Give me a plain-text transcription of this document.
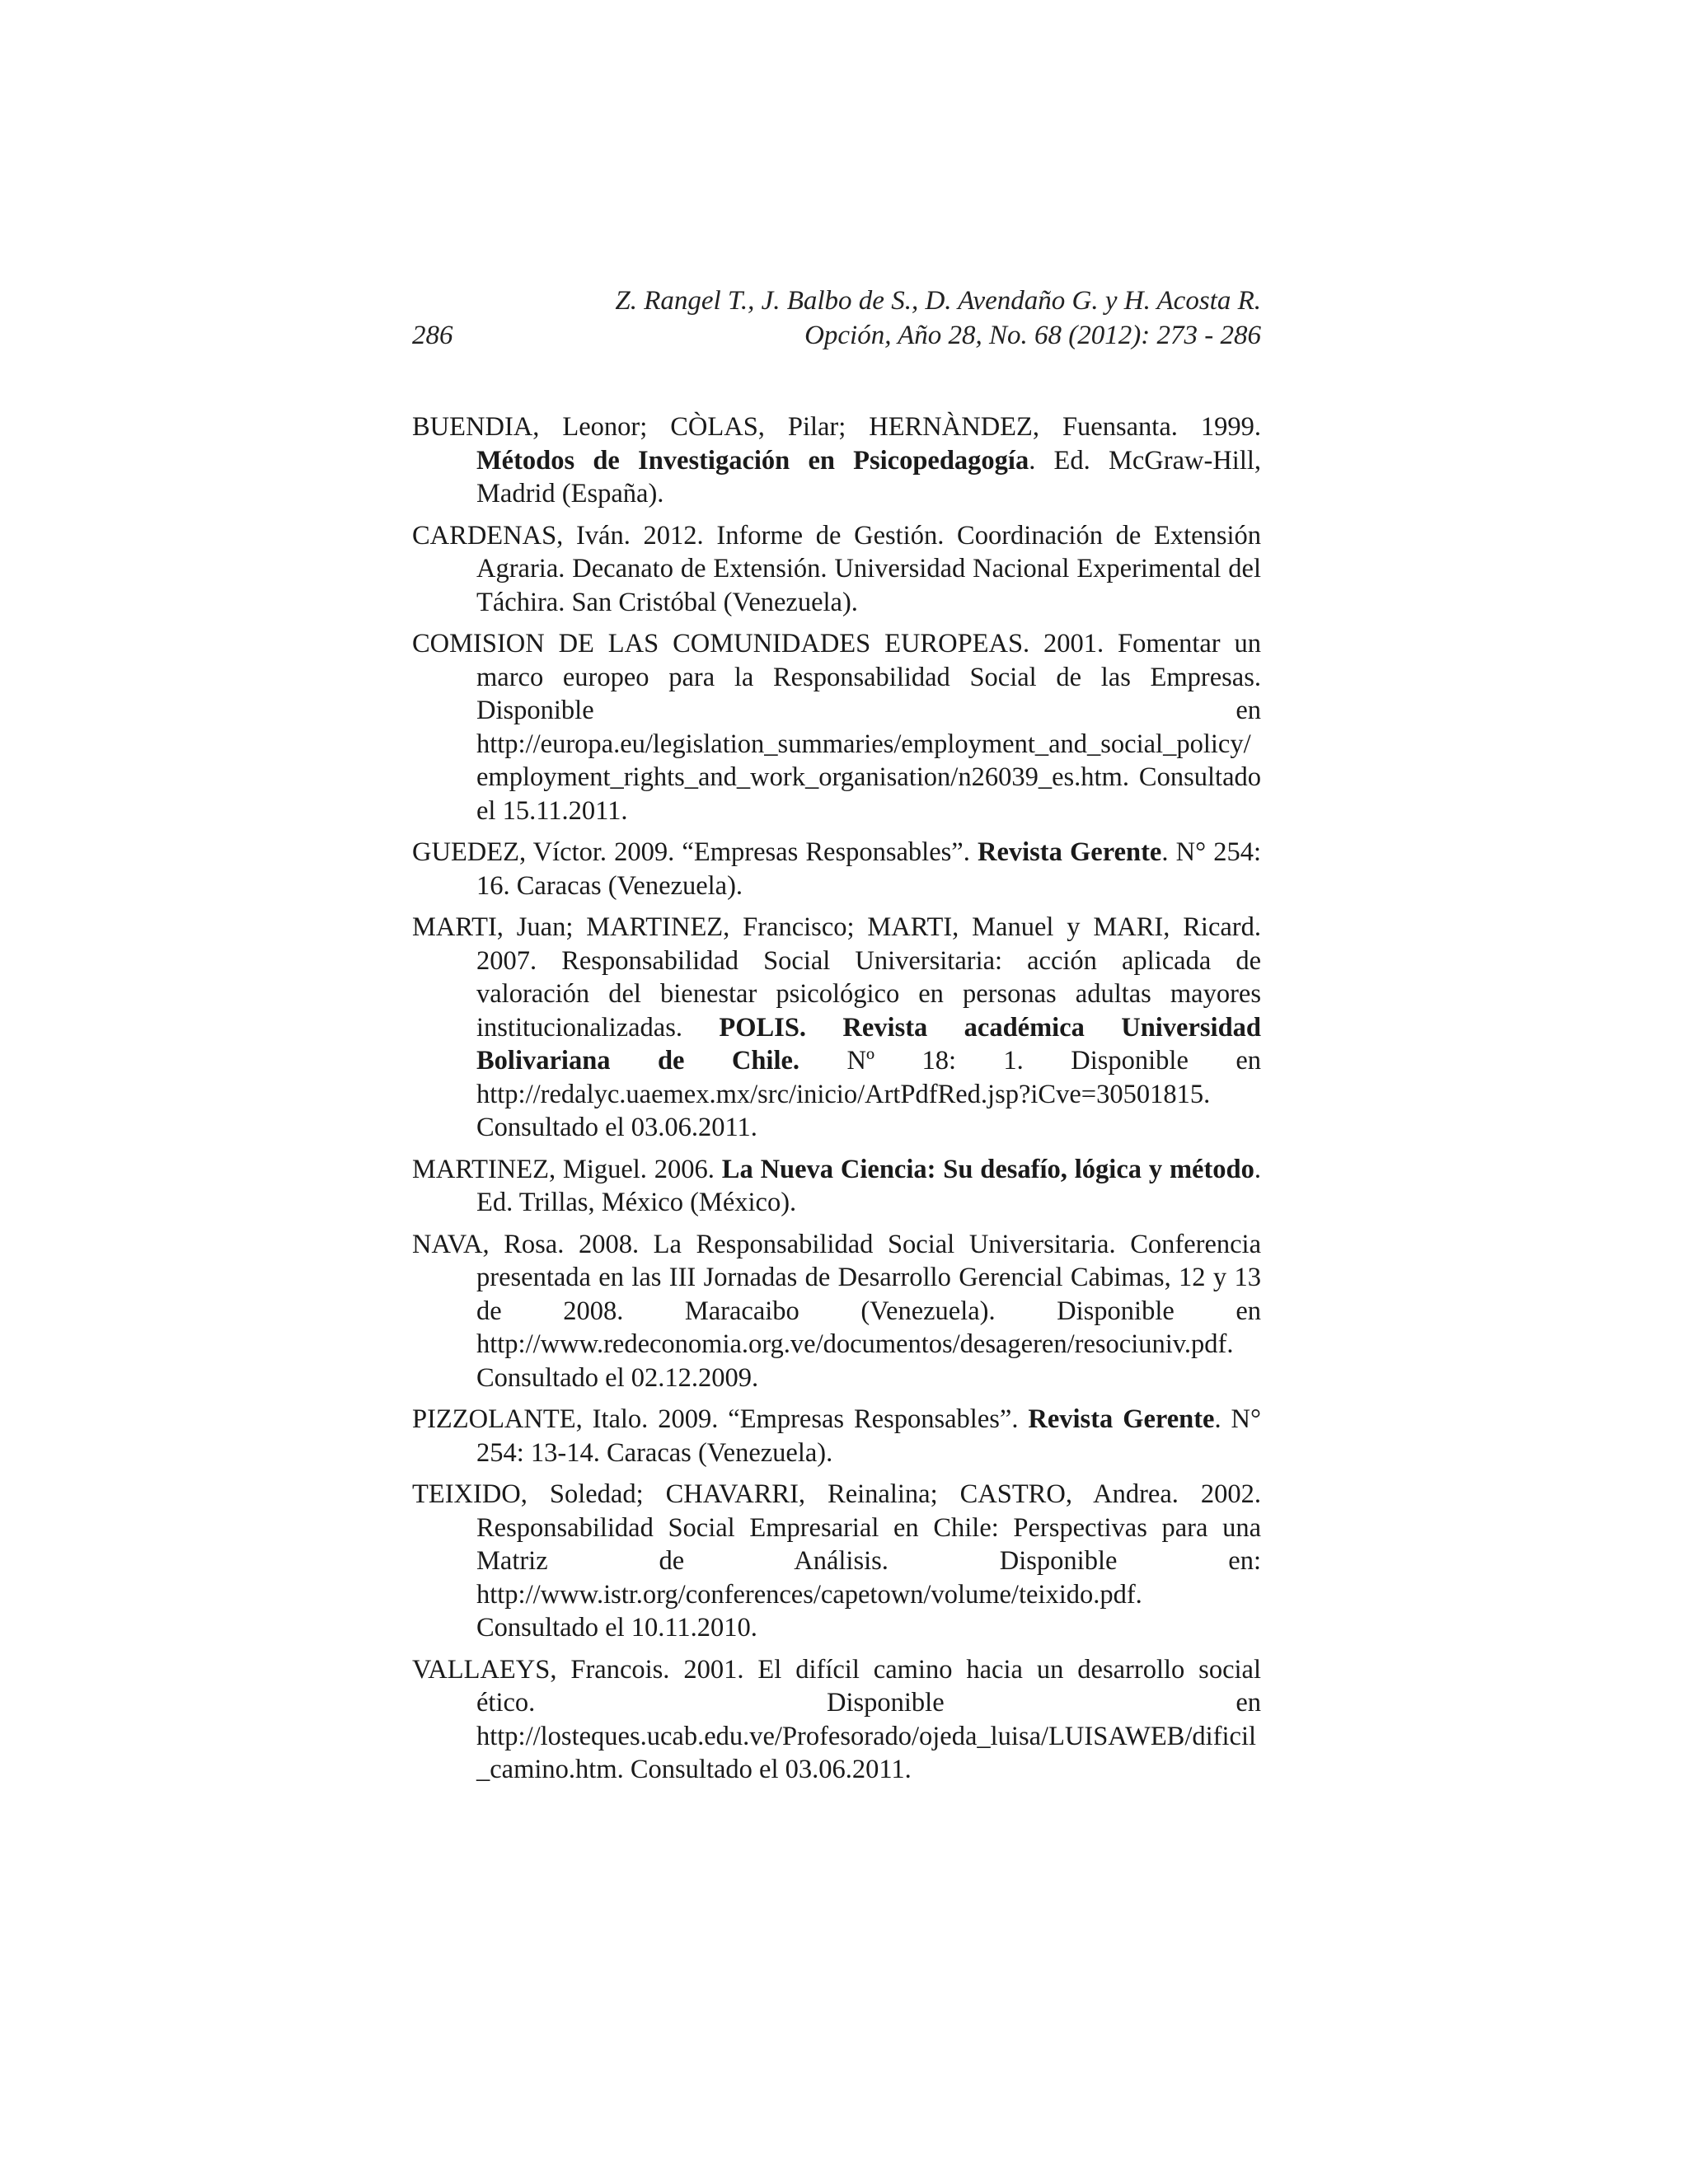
Z. Rangel T., J. Balbo de S., D. Avendaño G. y H. Acosta R.
286	Opción, Año 28, No. 68 (2012): 273 - 286

BUENDIA, Leonor; CÒLAS, Pilar; HERNÀNDEZ, Fuensanta. 1999. Métodos de Investigación en Psicopedagogía. Ed. McGraw-Hill, Madrid (España).

CARDENAS, Iván. 2012. Informe de Gestión. Coordinación de Extensión Agraria. Decanato de Extensión. Universidad Nacional Experimental del Táchira. San Cristóbal (Venezuela).

COMISION DE LAS COMUNIDADES EUROPEAS. 2001. Fomentar un marco europeo para la Responsabilidad Social de las Empresas. Disponible en http://europa.eu/legislation_summaries/employment_and_social_policy/employment_rights_and_work_organisation/n26039_es.htm. Consultado el 15.11.2011.

GUEDEZ, Víctor. 2009. “Empresas Responsables”. Revista Gerente. N° 254: 16. Caracas (Venezuela).

MARTI, Juan; MARTINEZ, Francisco; MARTI, Manuel y MARI, Ricard. 2007. Responsabilidad Social Universitaria: acción aplicada de valoración del bienestar psicológico en personas adultas mayores institucionalizadas. POLIS. Revista académica Universidad Bolivariana de Chile. Nº 18: 1. Disponible en http://redalyc.uaemex.mx/src/inicio/ArtPdfRed.jsp?iCve=30501815. Consultado el 03.06.2011.

MARTINEZ, Miguel. 2006. La Nueva Ciencia: Su desafío, lógica y método. Ed. Trillas, México (México).

NAVA, Rosa. 2008. La Responsabilidad Social Universitaria. Conferencia presentada en las III Jornadas de Desarrollo Gerencial Cabimas, 12 y 13 de 2008. Maracaibo (Venezuela). Disponible en http://www.redeconomia.org.ve/documentos/desageren/resociuniv.pdf. Consultado el 02.12.2009.

PIZZOLANTE, Italo. 2009. “Empresas Responsables”. Revista Gerente. N° 254: 13-14. Caracas (Venezuela).

TEIXIDO, Soledad; CHAVARRI, Reinalina; CASTRO, Andrea. 2002. Responsabilidad Social Empresarial en Chile: Perspectivas para una Matriz de Análisis. Disponible en: http://www.istr.org/conferences/capetown/volume/teixido.pdf. Consultado el 10.11.2010.

VALLAEYS, Francois. 2001. El difícil camino hacia un desarrollo social ético. Disponible en http://losteques.ucab.edu.ve/Profesorado/ojeda_luisa/LUISAWEB/dificil_camino.htm. Consultado el 03.06.2011.
